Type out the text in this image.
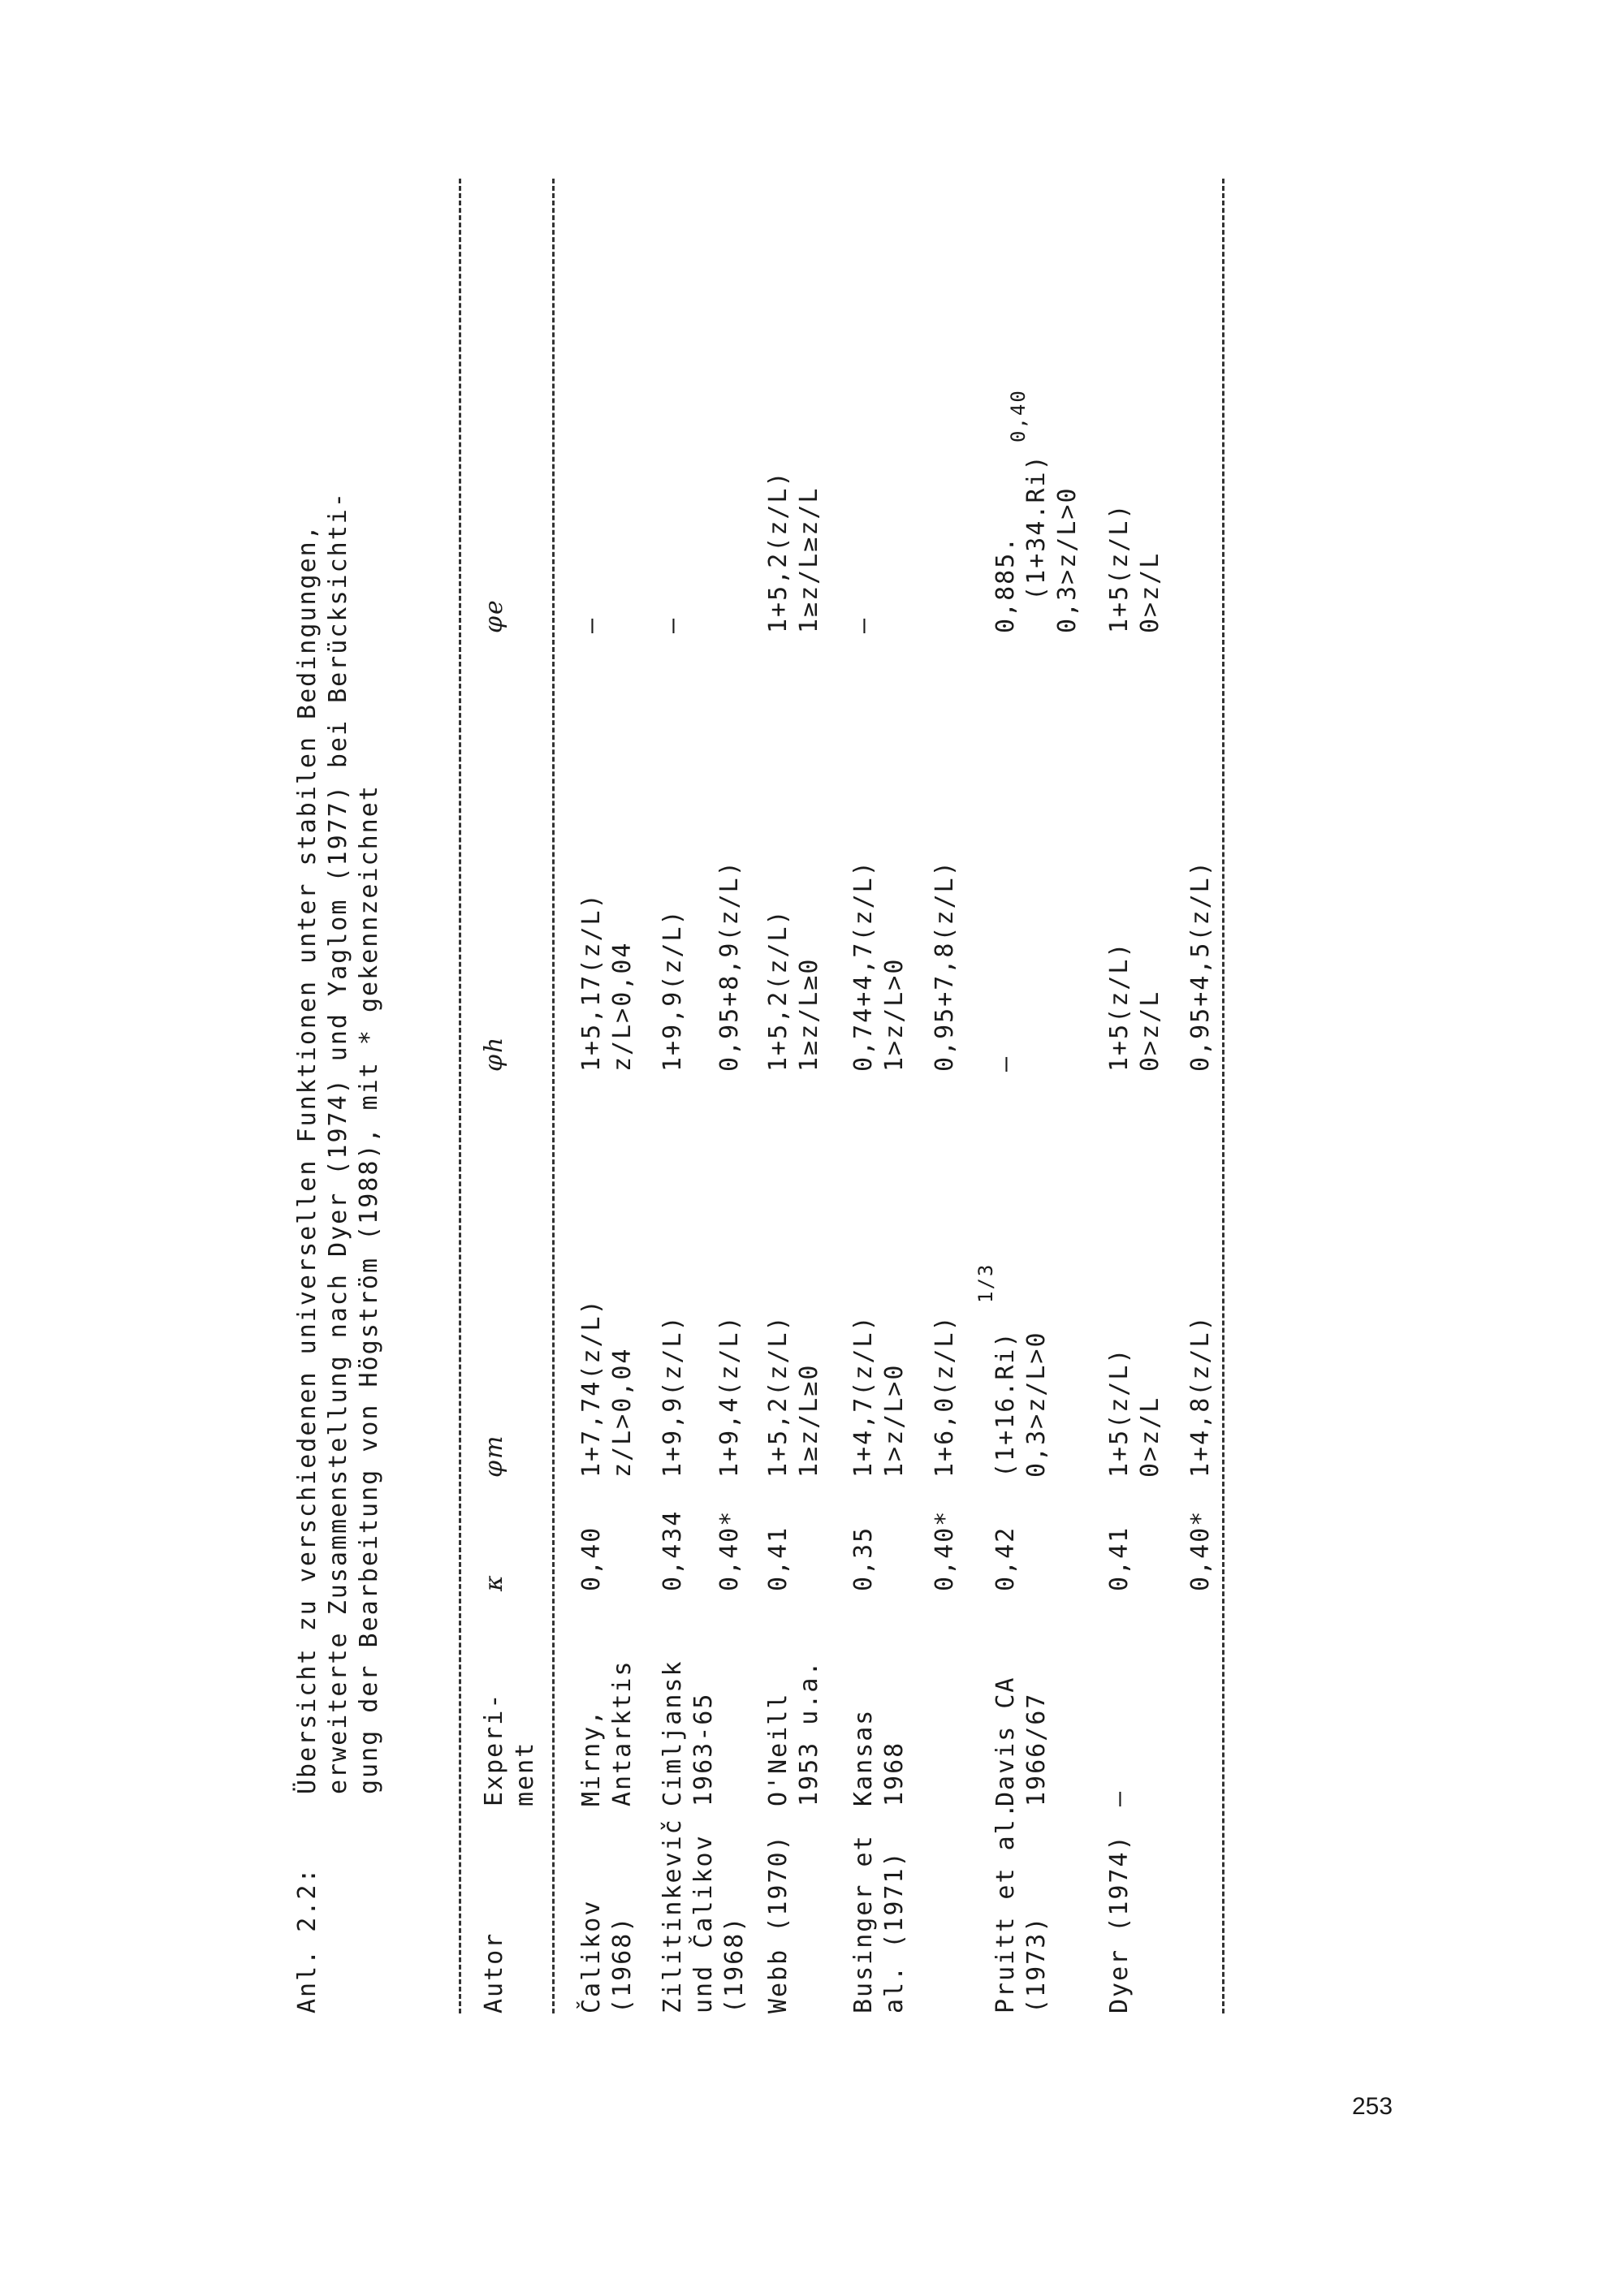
Anl. 2.2:Übersicht zu verschiedenen universellen Funktionen unter stabilen Bedingungen, erweiterte Zusammenstellung nach Dyer (1974) und Yaglom (1977) bei Berücksichti- gung der Bearbeitung von Högström (1988), mit * gekennzeichnet
Autor
Experi-
ment
κ
φm
φh
φe
Čalikov
(1968)
Mirny,
Antarktis
0,40
1+7,74(z/L)
z/L>0,04
1+5,17(z/L)
z/L>0,04
–
Zilitinkevič
und Čalikov
(1968)
Cimljansk
1963-65
0,434
1+9,9(z/L)
1+9,9(z/L)
–
0,40*
1+9,4(z/L)
0,95+8,9(z/L)
Webb (1970)
O'Neill
1953 u.a.
0,41
1+5,2(z/L)
1≥z/L≥0
1+5,2(z/L)
1≥z/L≥0
1+5,2(z/L)
1≥z/L≥z/L
Businger et
al. (1971)
Kansas
1968
0,35
1+4,7(z/L)
1>z/L>0
0,74+4,7(z/L)
1>z/L>0
–
0,40*
1+6,0(z/L)
0,95+7,8(z/L)
Pruitt et al.
(1973)
Davis CA
1966/67
0,42
(1+16.Ri)
0,3>z/L>0
1/3
–
0,885.
(1+34.Ri)
0,3>z/L>0
0,40
Dyer (1974)
–
0,41
1+5(z/L)
0>z/L
1+5(z/L)
0>z/L
1+5(z/L)
0>z/L
0,40*
1+4,8(z/L)
0,95+4,5(z/L)
253
